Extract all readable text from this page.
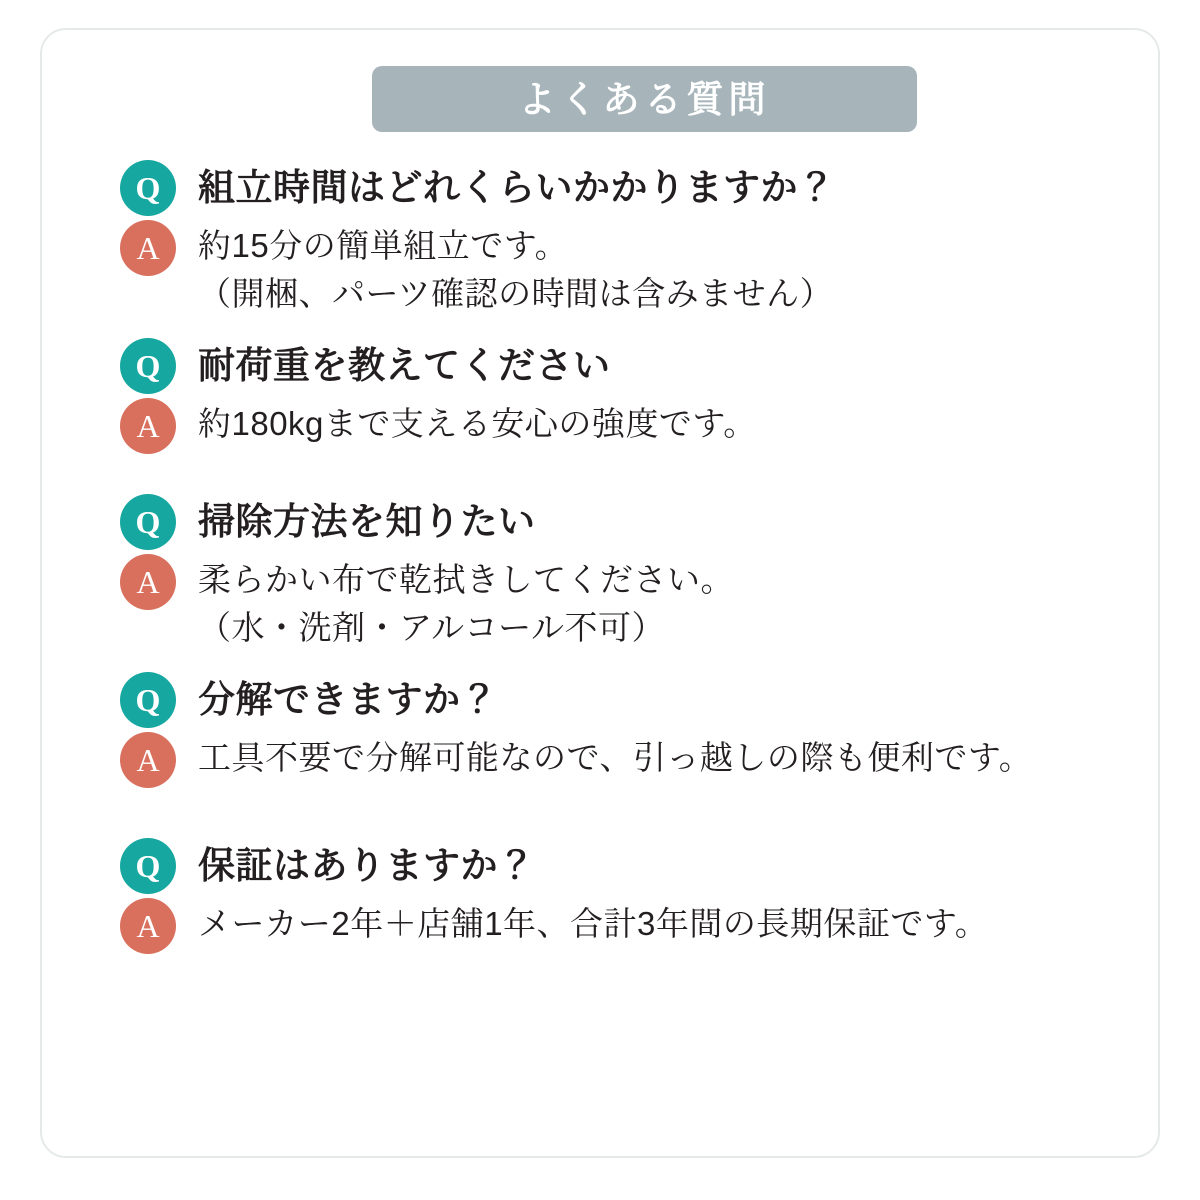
よくある質問
Q	組立時間はどれくらいかかりますか？
A	約15分の簡単組立です。
（開梱、パーツ確認の時間は含みません）
Q	耐荷重を教えてください
A	約180kgまで支える安心の強度です。
Q	掃除方法を知りたい
A	柔らかい布で乾拭きしてください。
（水・洗剤・アルコール不可）
Q	分解できますか？
A	工具不要で分解可能なので、引っ越しの際も便利です。
Q	保証はありますか？
A	メーカー2年＋店舗1年、合計3年間の長期保証です。
